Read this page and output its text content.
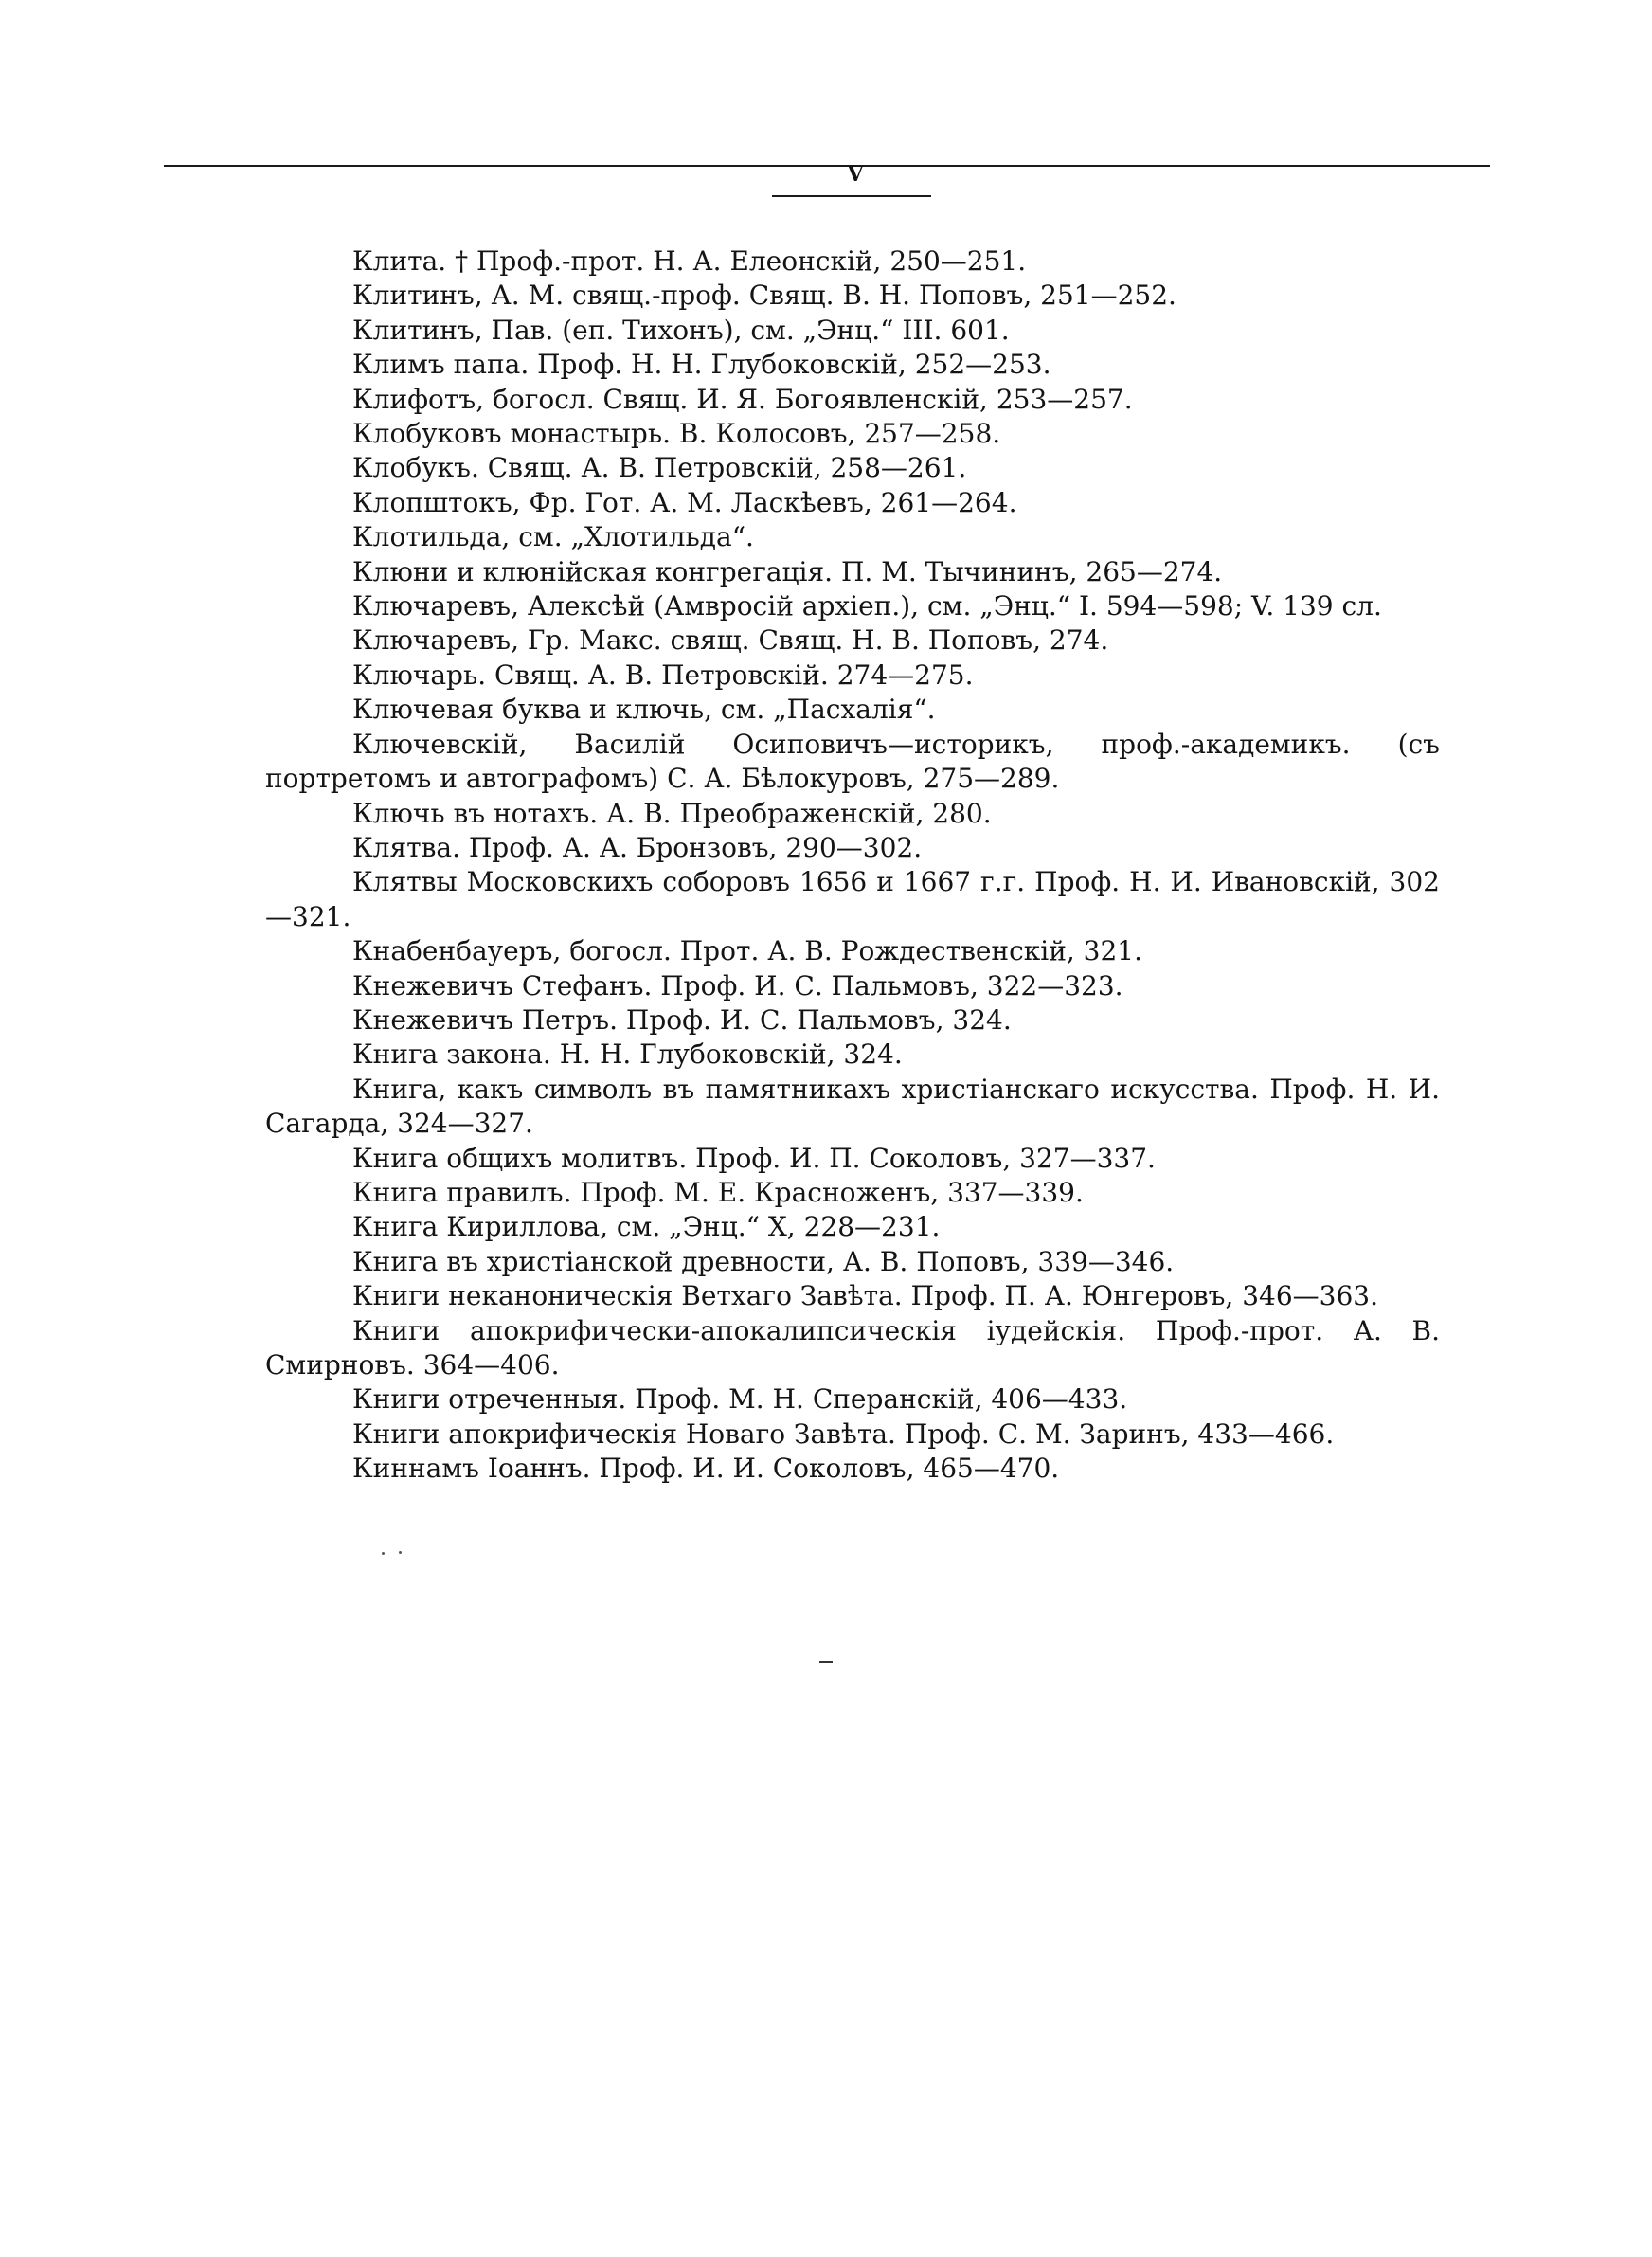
V
Клита. † Проф.-прот. Н. А. Елеонскій, 250—251.
Клитинъ, А. М. свящ.-проф. Свящ. В. Н. Поповъ, 251—252.
Клитинъ, Пав. (еп. Тихонъ), см. „Энц.“ III. 601.
Климъ папа. Проф. Н. Н. Глубоковскій, 252—253.
Клифотъ, богосл. Свящ. И. Я. Богоявленскій, 253—257.
Клобуковъ монастырь. В. Колосовъ, 257—258.
Клобукъ. Свящ. А. В. Петровскій, 258—261.
Клопштокъ, Фр. Гот. А. М. Ласкѣевъ, 261—264.
Клотильда, см. „Хлотильда“.
Клюни и клюнійская конгрегація. П. М. Тычининъ, 265—274.
Ключаревъ, Алексѣй (Амвросій архіеп.), см. „Энц.“ I. 594—598; V. 139 сл.
Ключаревъ, Гр. Макс. свящ. Свящ. Н. В. Поповъ, 274.
Ключарь. Свящ. А. В. Петровскій. 274—275.
Ключевая буква и ключь, см. „Пасхалія“.
Ключевскій, Василій Осиповичъ—историкъ, проф.-академикъ. (съ портретомъ и автографомъ) С. А. Бѣлокуровъ, 275—289.
Ключь въ нотахъ. А. В. Преображенскій, 280.
Клятва. Проф. А. А. Бронзовъ, 290—302.
Клятвы Московскихъ соборовъ 1656 и 1667 г.г. Проф. Н. И. Ивановскій, 302—321.
Кнабенбауеръ, богосл. Прот. А. В. Рождественскій, 321.
Кнежевичъ Стефанъ. Проф. И. С. Пальмовъ, 322—323.
Кнежевичъ Петръ. Проф. И. С. Пальмовъ, 324.
Книга закона. Н. Н. Глубоковскій, 324.
Книга, какъ символъ въ памятникахъ христіанскаго искусства. Проф. Н. И. Сагарда, 324—327.
Книга общихъ молитвъ. Проф. И. П. Соколовъ, 327—337.
Книга правилъ. Проф. М. Е. Красноженъ, 337—339.
Книга Кириллова, см. „Энц.“ X, 228—231.
Книга въ христіанской древности, А. В. Поповъ, 339—346.
Книги неканоническія Ветхаго Завѣта. Проф. П. А. Юнгеровъ, 346—363.
Книги апокрифически-апокалипсическія іудейскія. Проф.-прот. А. В. Смирновъ. 364—406.
Книги отреченныя. Проф. М. Н. Сперанскій, 406—433.
Книги апокрифическія Новаго Завѣта. Проф. С. М. Заринъ, 433—466.
Киннамъ Іоаннъ. Проф. И. И. Соколовъ, 465—470.
